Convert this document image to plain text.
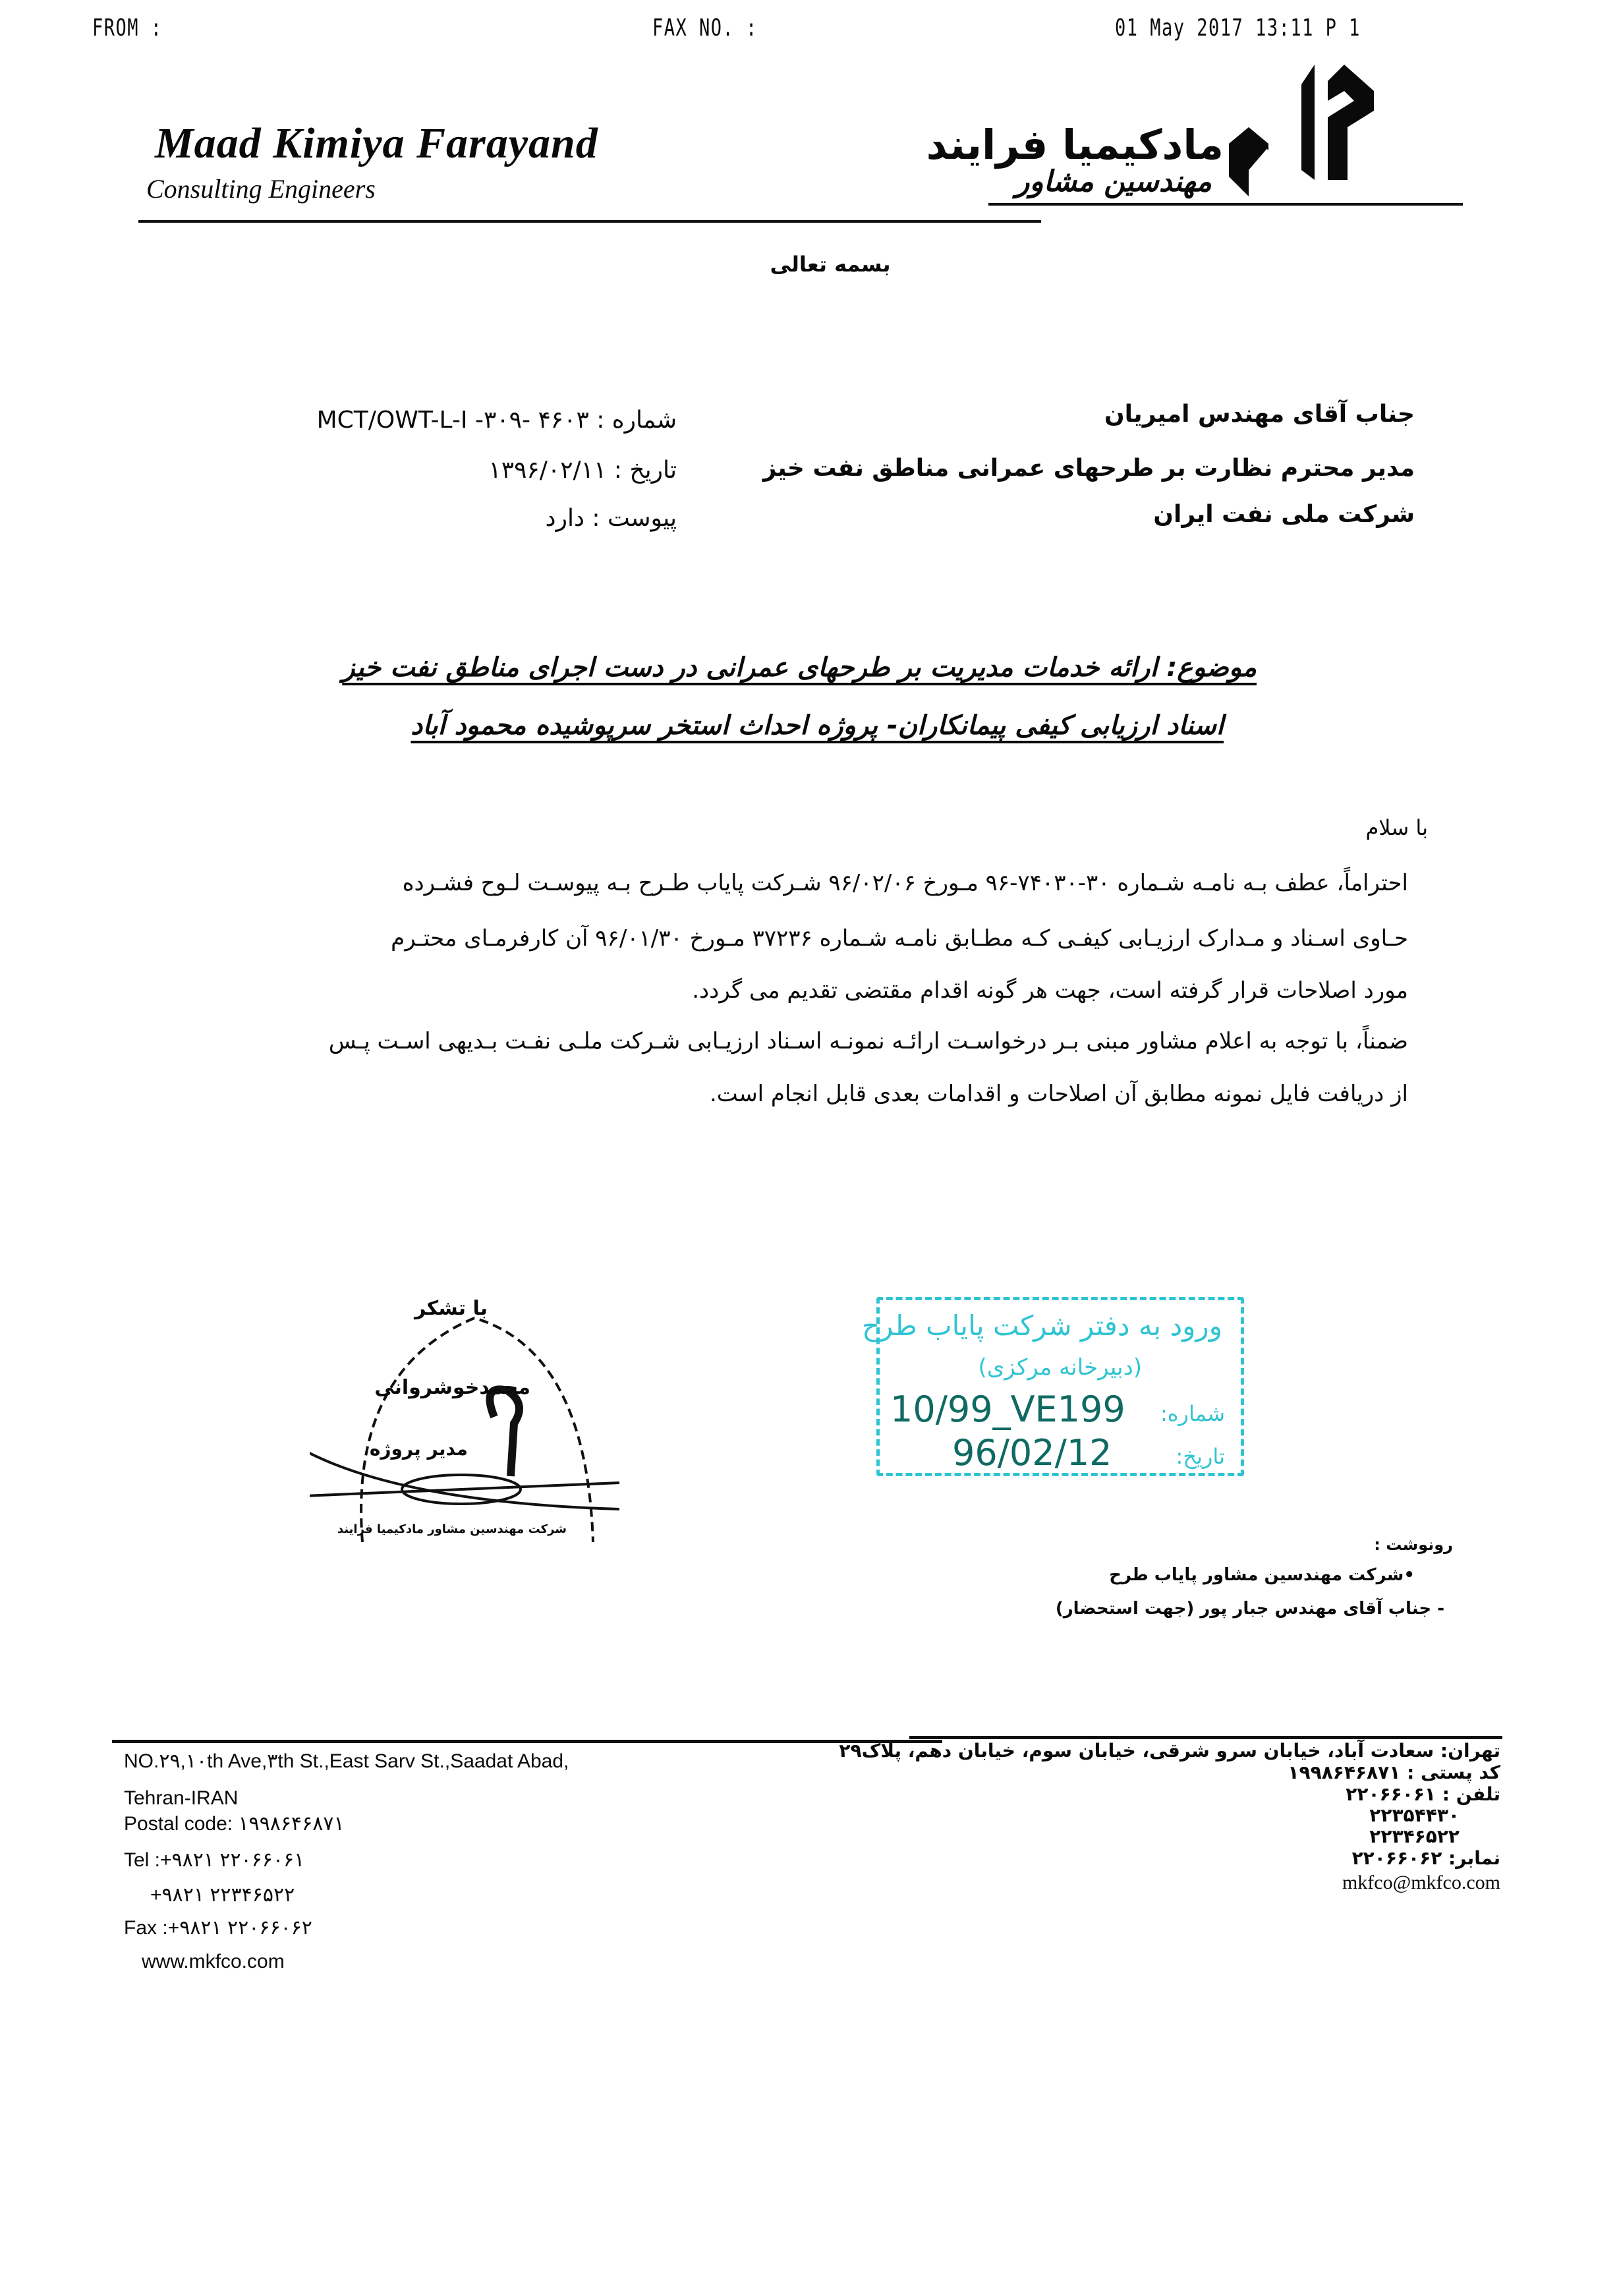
FROM :	FAX NO. :	01 May 2017 13:11 P 1
Maad Kimiya Farayand
Consulting Engineers
مادکیمیا فرایند
مهندسین مشاور
بسمه تعالی
شماره : ۴۶۰۳ -MCT/OWT-L-I -۳۰۹
تاریخ : ۱۳۹۶/۰۲/۱۱
پیوست : دارد
جناب آقای مهندس امیریان
مدیر محترم نظارت بر طرحهای عمرانی مناطق نفت خیز
شرکت ملی نفت ایران
موضوع: ارائه خدمات مدیریت بر طرحهای عمرانی در دست اجرای مناطق نفت خیز
اسناد ارزیابی کیفی پیمانکاران- پروژه احداث استخر سرپوشیده محمود آباد
با سلام
احتراماً، عطف بـه نامـه شـماره ۳۰-۷۴۰۳۰-۹۶ مـورخ ۹۶/۰۲/۰۶ شـرکت پایاب طـرح بـه پیوسـت لـوح فشـرده
حـاوی اسـناد و مـدارک ارزیـابی کیفـی کـه مطـابق نامـه شـماره ۳۷۲۳۶ مـورخ ۹۶/۰۱/۳۰ آن کارفرمـای محتـرم
مورد اصلاحات قرار گرفته است، جهت هر گونه اقدام مقتضی تقدیم می گردد.
ضمناً، با توجه به اعلام مشاور مبنی بـر درخواسـت ارائـه نمونـه اسـناد ارزیـابی شـرکت ملـی نفـت بـدیهی اسـت پـس
از دریافت فایل نمونه مطابق آن اصلاحات و اقدامات بعدی قابل انجام است.
با تشکر
محمدخوشروانی
مدیر پروژه
شرکت مهندسین مشاور مادکیمیا فرایند
ورود به دفتر شرکت پایاب طرح
(دبیرخانه مرکزی)
شماره:
10/99_VE199
تاریخ:
96/02/12
رونوشت :
•شرکت مهندسین مشاور پایاب طرح
- جناب آقای مهندس جبار پور (جهت استحضار)
NO.۲۹,۱۰th Ave,۳th St.,East Sarv St.,Saadat Abad,
Tehran-IRAN
Postal code: ۱۹۹۸۶۴۶۸۷۱
Tel :+۹۸۲۱ ۲۲۰۶۶۰۶۱
+۹۸۲۱ ۲۲۳۴۶۵۲۲
Fax :+۹۸۲۱ ۲۲۰۶۶۰۶۲
www.mkfco.com
تهران: سعادت آباد، خیابان سرو شرقی، خیابان سوم، خیابان دهم، پلاک۲۹
کد پستی : ۱۹۹۸۶۴۶۸۷۱
تلفن : ۲۲۰۶۶۰۶۱
۲۲۳۵۴۴۳۰
۲۲۳۴۶۵۲۲
نمابر: ۲۲۰۶۶۰۶۲
mkfco@mkfco.com
